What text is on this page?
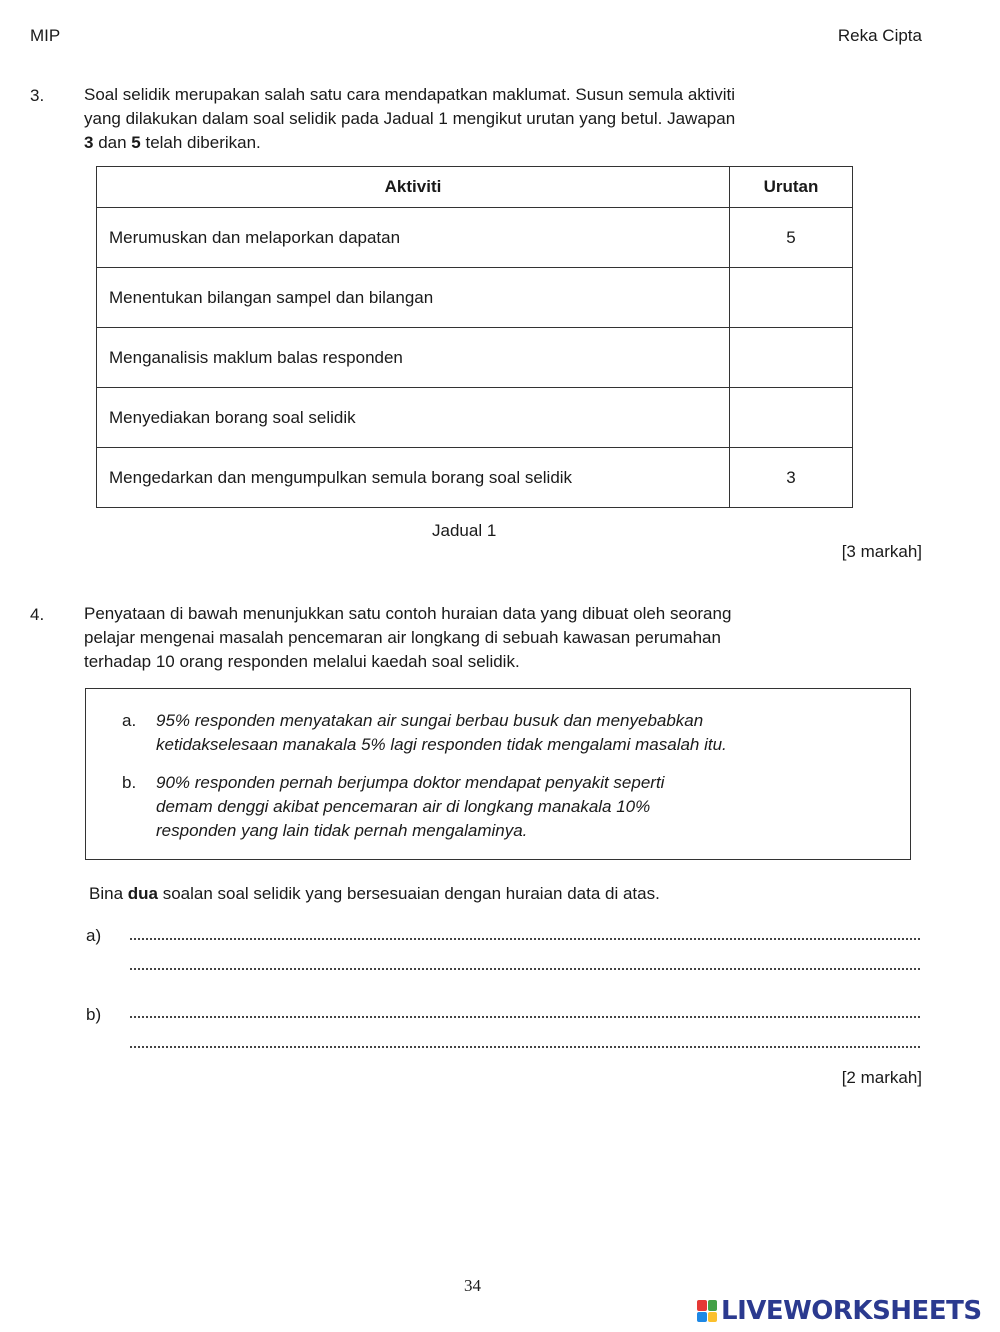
MIP	Reka Cipta
3. Soal selidik merupakan salah satu cara mendapatkan maklumat. Susun semula aktiviti
yang dilakukan dalam soal selidik pada Jadual 1 mengikut urutan yang betul. Jawapan
3 dan 5 telah diberikan.
Aktiviti	Urutan
Merumuskan dan melaporkan dapatan	5
Menentukan bilangan sampel dan bilangan	
Menganalisis maklum balas responden	
Menyediakan borang soal selidik	
Mengedarkan dan mengumpulkan semula borang soal selidik	3
Jadual 1
[3 markah]
4. Penyataan di bawah menunjukkan satu contoh huraian data yang dibuat oleh seorang
pelajar mengenai masalah pencemaran air longkang di sebuah kawasan perumahan
terhadap 10 orang responden melalui kaedah soal selidik.
a. 95% responden menyatakan air sungai berbau busuk dan menyebabkan
ketidakselesaan manakala 5% lagi responden tidak mengalami masalah itu.
b. 90% responden pernah berjumpa doktor mendapat penyakit seperti
demam denggi akibat pencemaran air di longkang manakala 10%
responden yang lain tidak pernah mengalaminya.
Bina dua soalan soal selidik yang bersesuaian dengan huraian data di atas.
a)
b)
[2 markah]
34
LIVEWORKSHEETS
